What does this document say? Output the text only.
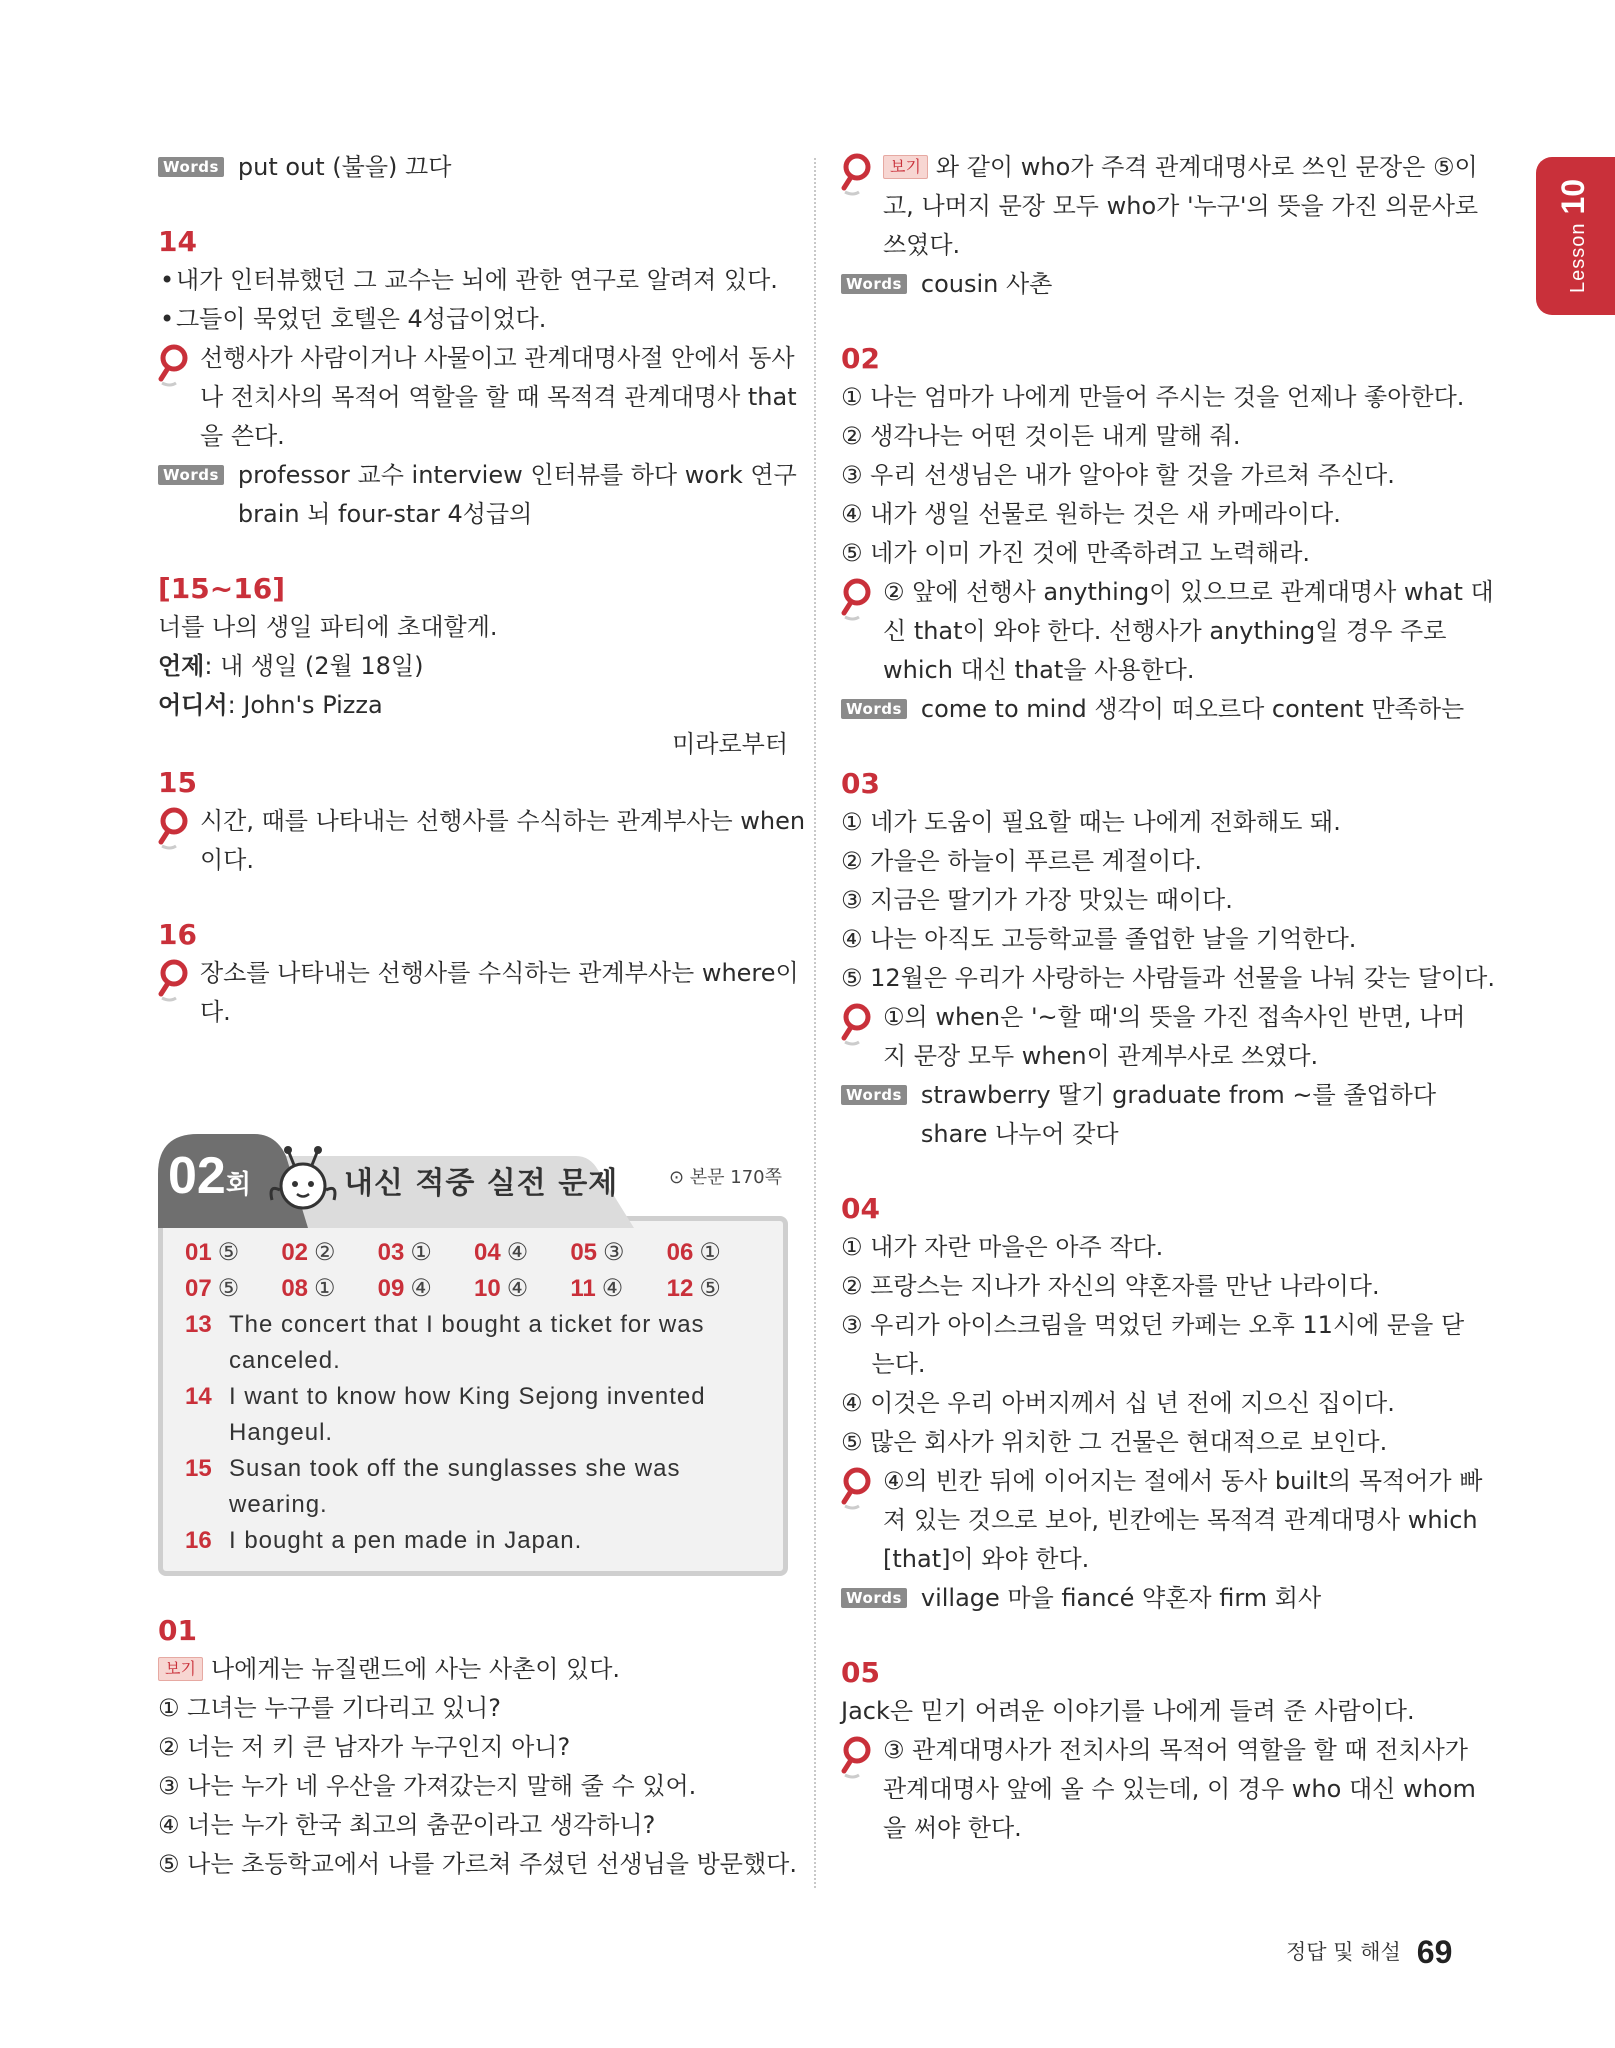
Lesson10
Words put out (불을) 끄다
14
• 내가 인터뷰했던 그 교수는 뇌에 관한 연구로 알려져 있다.
• 그들이 묵었던 호텔은 4성급이었다.
선행사가 사람이거나 사물이고 관계대명사절 안에서 동사
나 전치사의 목적어 역할을 할 때 목적격 관계대명사 that
을 쓴다.
Words professor 교수 interview 인터뷰를 하다 work 연구
brain 뇌 four-star 4성급의
[15~16]
너를 나의 생일 파티에 초대할게.
언제: 내 생일 (2월 18일)
어디서: John's Pizza
미라로부터
15
시간, 때를 나타내는 선행사를 수식하는 관계부사는 when
이다.
16
장소를 나타내는 선행사를 수식하는 관계부사는 where이
다.
02회	내신 적중 실전 문제	⊙ 본문 170쪽
01 ⑤	02 ②	03 ①	04 ④	05 ③	06 ①
07 ⑤	08 ①	09 ④	10 ④	11 ④	12 ⑤
13 The concert that I bought a ticket for was
canceled.
14 I want to know how King Sejong invented
Hangeul.
15 Susan took off the sunglasses she was
wearing.
16 I bought a pen made in Japan.
01
보기 나에게는 뉴질랜드에 사는 사촌이 있다.
① 그녀는 누구를 기다리고 있니?
② 너는 저 키 큰 남자가 누구인지 아니?
③ 나는 누가 네 우산을 가져갔는지 말해 줄 수 있어.
④ 너는 누가 한국 최고의 춤꾼이라고 생각하니?
⑤ 나는 초등학교에서 나를 가르쳐 주셨던 선생님을 방문했다.
보기 와 같이 who가 주격 관계대명사로 쓰인 문장은 ⑤이
고, 나머지 문장 모두 who가 '누구'의 뜻을 가진 의문사로
쓰였다.
Words cousin 사촌
02
① 나는 엄마가 나에게 만들어 주시는 것을 언제나 좋아한다.
② 생각나는 어떤 것이든 내게 말해 줘.
③ 우리 선생님은 내가 알아야 할 것을 가르쳐 주신다.
④ 내가 생일 선물로 원하는 것은 새 카메라이다.
⑤ 네가 이미 가진 것에 만족하려고 노력해라.
② 앞에 선행사 anything이 있으므로 관계대명사 what 대
신 that이 와야 한다. 선행사가 anything일 경우 주로
which 대신 that을 사용한다.
Words come to mind 생각이 떠오르다 content 만족하는
03
① 네가 도움이 필요할 때는 나에게 전화해도 돼.
② 가을은 하늘이 푸르른 계절이다.
③ 지금은 딸기가 가장 맛있는 때이다.
④ 나는 아직도 고등학교를 졸업한 날을 기억한다.
⑤ 12월은 우리가 사랑하는 사람들과 선물을 나눠 갖는 달이다.
①의 when은 '~할 때'의 뜻을 가진 접속사인 반면, 나머
지 문장 모두 when이 관계부사로 쓰였다.
Words strawberry 딸기 graduate from ~를 졸업하다
share 나누어 갖다
04
① 내가 자란 마을은 아주 작다.
② 프랑스는 지나가 자신의 약혼자를 만난 나라이다.
③ 우리가 아이스크림을 먹었던 카페는 오후 11시에 문을 닫
는다.
④ 이것은 우리 아버지께서 십 년 전에 지으신 집이다.
⑤ 많은 회사가 위치한 그 건물은 현대적으로 보인다.
④의 빈칸 뒤에 이어지는 절에서 동사 built의 목적어가 빠
져 있는 것으로 보아, 빈칸에는 목적격 관계대명사 which
[that]이 와야 한다.
Words village 마을 fiancé 약혼자 firm 회사
05
Jack은 믿기 어려운 이야기를 나에게 들려 준 사람이다.
③ 관계대명사가 전치사의 목적어 역할을 할 때 전치사가
관계대명사 앞에 올 수 있는데, 이 경우 who 대신 whom
을 써야 한다.
정답 및 해설 69
